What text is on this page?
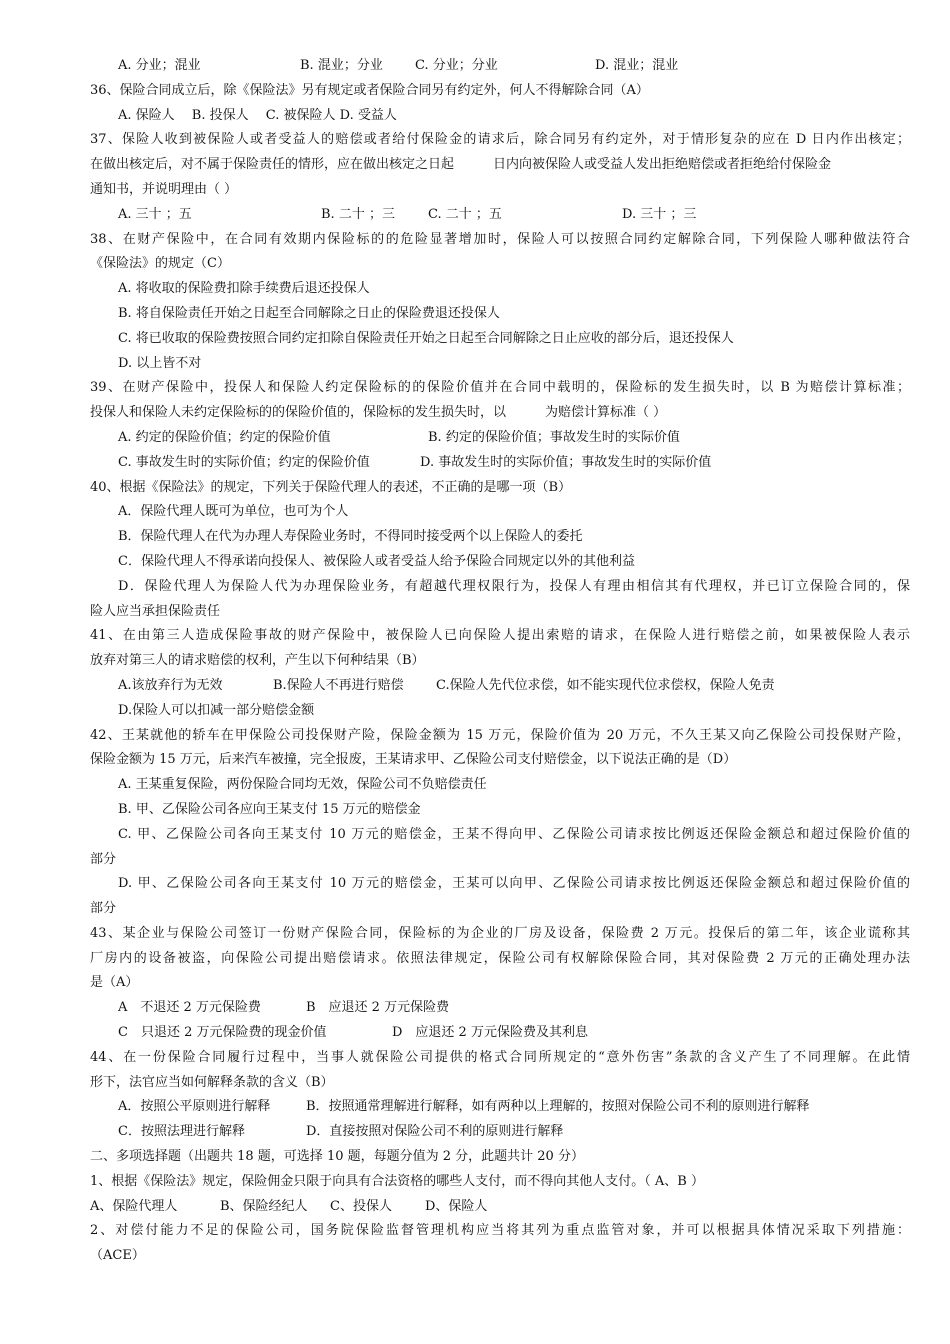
A. 分业；混业	B. 混业；分业 C. 分业；分业	D. 混业；混业
36、保险合同成立后，除《保险法》另有规定或者保险合同另有约定外，何人不得解除合同（A）
A. 保险人　 B. 投保人　 C. 被保险人 D. 受益人
37、保险人收到被保险人或者受益人的赔偿或者给付保险金的请求后，除合同另有约定外，对于情形复杂的应在 D 日内作出核定；
在做出核定后，对不属于保险责任的情形，应在做出核定之日起　　　日内向被保险人或受益人发出拒绝赔偿或者拒绝给付保险金
通知书，并说明理由（ ）
A. 三十 ；五	B. 二十 ；三	C. 二十 ；五	D. 三十 ；三
38、在财产保险中，在合同有效期内保险标的的危险显著增加时，保险人可以按照合同约定解除合同，下列保险人哪种做法符合
《保险法》的规定（C）
A. 将收取的保险费扣除手续费后退还投保人
B. 将自保险责任开始之日起至合同解除之日止的保险费退还投保人
C. 将已收取的保险费按照合同约定扣除自保险责任开始之日起至合同解除之日止应收的部分后，退还投保人
D. 以上皆不对
39、在财产保险中，投保人和保险人约定保险标的的保险价值并在合同中载明的，保险标的发生损失时，以 B 为赔偿计算标准；
投保人和保险人未约定保险标的的保险价值的，保险标的发生损失时，以　　　为赔偿计算标准（ ）
A. 约定的保险价值；约定的保险价值	B. 约定的保险价值；事故发生时的实际价值
C. 事故发生时的实际价值；约定的保险价值	D. 事故发生时的实际价值；事故发生时的实际价值
40、根据《保险法》的规定，下列关于保险代理人的表述，不正确的是哪一项（B）
A．保险代理人既可为单位，也可为个人
B．保险代理人在代为办理人寿保险业务时，不得同时接受两个以上保险人的委托
C．保险代理人不得承诺向投保人、被保险人或者受益人给予保险合同规定以外的其他利益
D．保险代理人为保险人代为办理保险业务，有超越代理权限行为，投保人有理由相信其有代理权，并已订立保险合同的，保
险人应当承担保险责任
41、在由第三人造成保险事故的财产保险中，被保险人已向保险人提出索赔的请求，在保险人进行赔偿之前，如果被保险人表示
放弃对第三人的请求赔偿的权利，产生以下何种结果（B）
A.该放弃行为无效	B.保险人不再进行赔偿 C.保险人先代位求偿，如不能实现代位求偿权，保险人免责
D.保险人可以扣减一部分赔偿金额
42、王某就他的轿车在甲保险公司投保财产险，保险金额为 15 万元，保险价值为 20 万元，不久王某又向乙保险公司投保财产险，
保险金额为 15 万元，后来汽车被撞，完全报废，王某请求甲、乙保险公司支付赔偿金，以下说法正确的是（D）
A. 王某重复保险，两份保险合同均无效，保险公司不负赔偿责任
B. 甲、乙保险公司各应向王某支付 15 万元的赔偿金
C. 甲、乙保险公司各向王某支付 10 万元的赔偿金，王某不得向甲、乙保险公司请求按比例返还保险金额总和超过保险价值的
部分
D. 甲、乙保险公司各向王某支付 10 万元的赔偿金，王某可以向甲、乙保险公司请求按比例返还保险金额总和超过保险价值的
部分
43、某企业与保险公司签订一份财产保险合同，保险标的为企业的厂房及设备，保险费 2 万元。投保后的第二年，该企业谎称其
厂房内的设备被盗，向保险公司提出赔偿请求。依照法律规定，保险公司有权解除保险合同，其对保险费 2 万元的正确处理办法
是（A）
A　不退还 2 万元保险费	B　应退还 2 万元保险费
C　只退还 2 万元保险费的现金价值	D　应退还 2 万元保险费及其利息
44、在一份保险合同履行过程中，当事人就保险公司提供的格式合同所规定的“意外伤害”条款的含义产生了不同理解。在此情
形下，法官应当如何解释条款的含义（B）
A．按照公平原则进行解释	B．按照通常理解进行解释，如有两种以上理解的，按照对保险公司不利的原则进行解释
C．按照法理进行解释	D．直接按照对保险公司不利的原则进行解释
二、多项选择题（出题共 18 题，可选择 10 题，每题分值为 2 分，此题共计 20 分）
1、根据《保险法》规定，保险佣金只限于向具有合法资格的哪些人支付，而不得向其他人支付。（ A、B ）
A、保险代理人	B、保险经纪人 C、投保人	D、保险人
2、对偿付能力不足的保险公司，国务院保险监督管理机构应当将其列为重点监管对象，并可以根据具体情况采取下列措施：
（ACE）
